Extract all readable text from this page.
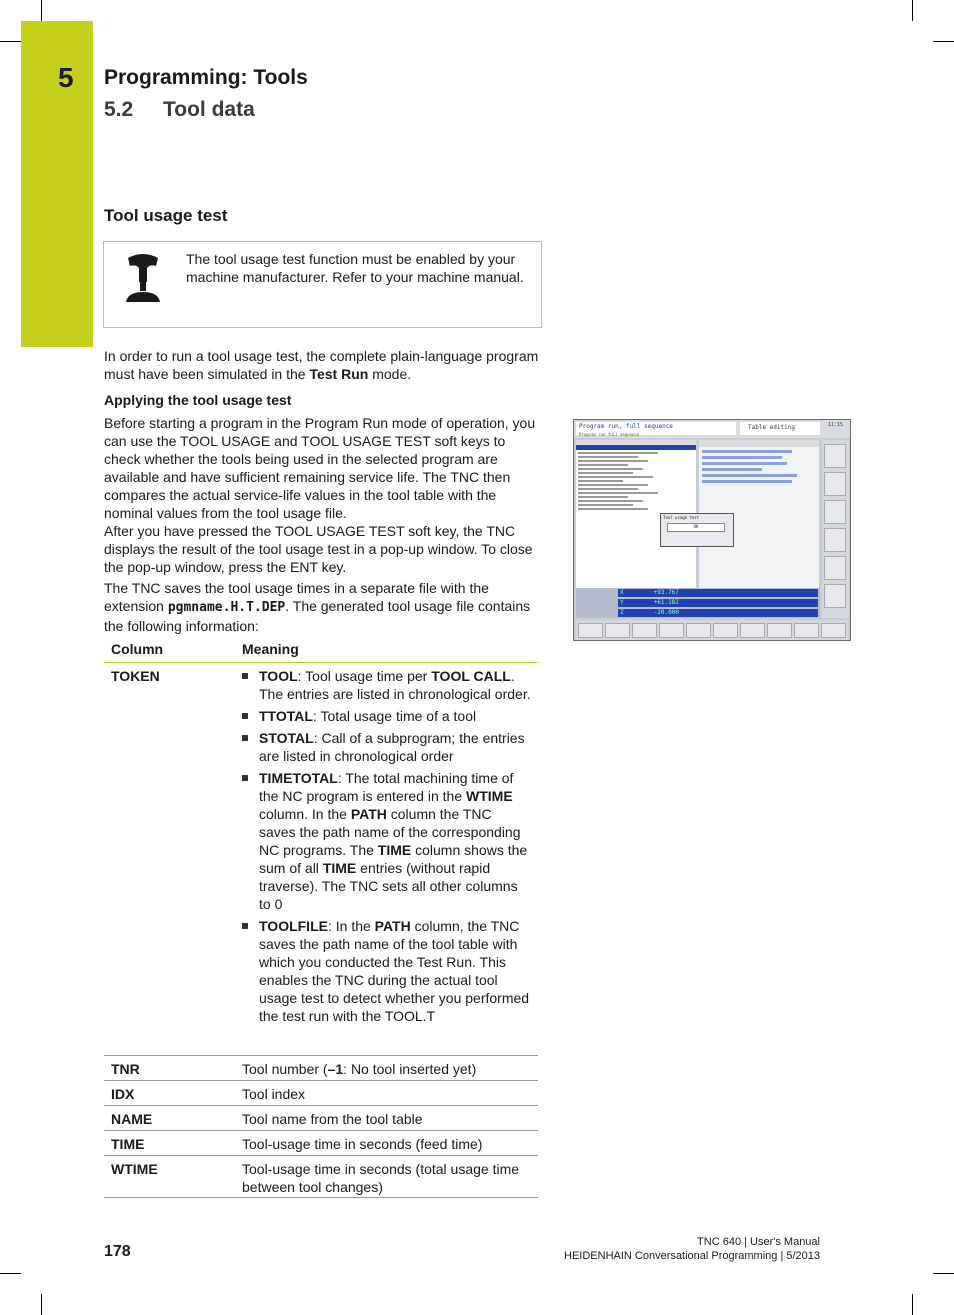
5 Programming: Tools
5.2 Tool data
Tool usage test
The tool usage test function must be enabled by your machine manufacturer. Refer to your machine manual.

In order to run a tool usage test, the complete plain-language program must have been simulated in the Test Run mode.

Applying the tool usage test

Before starting a program in the Program Run mode of operation, you can use the TOOL USAGE and TOOL USAGE TEST soft keys to check whether the tools being used in the selected program are available and have sufficient remaining service life. The TNC then compares the actual service-life values in the tool table with the nominal values from the tool usage file.

After you have pressed the TOOL USAGE TEST soft key, the TNC displays the result of the tool usage test in a pop-up window. To close the pop-up window, press the ENT key.

The TNC saves the tool usage times in a separate file with the extension pgmname.H.T.DEP. The generated tool usage file contains the following information:

Column	Meaning
TOKEN	TOOL: Tool usage time per TOOL CALL. The entries are listed in chronological order.
TTOTAL: Total usage time of a tool
STOTAL: Call of a subprogram; the entries are listed in chronological order
TIMETOTAL: The total machining time of the NC program is entered in the WTIME column. In the PATH column the TNC saves the path name of the corresponding NC programs. The TIME column shows the sum of all TIME entries (without rapid traverse). The TNC sets all other columns to 0
TOOLFILE: In the PATH column, the TNC saves the path name of the tool table with which you conducted the Test Run. This enables the TNC during the actual tool usage test to detect whether you performed the test run with the TOOL.T
TNR	Tool number (–1: No tool inserted yet)
IDX	Tool index
NAME	Tool name from the tool table
TIME	Tool-usage time in seconds (feed time)
WTIME	Tool-usage time in seconds (total usage time between tool changes)
Program run, full sequence
Program run full sequence
Table editing	11:15
Tool usage test
OK
X	+93.767
Y	+61.182
Z	-20.000
178
TNC 640 | User's Manual
HEIDENHAIN Conversational Programming | 5/2013
